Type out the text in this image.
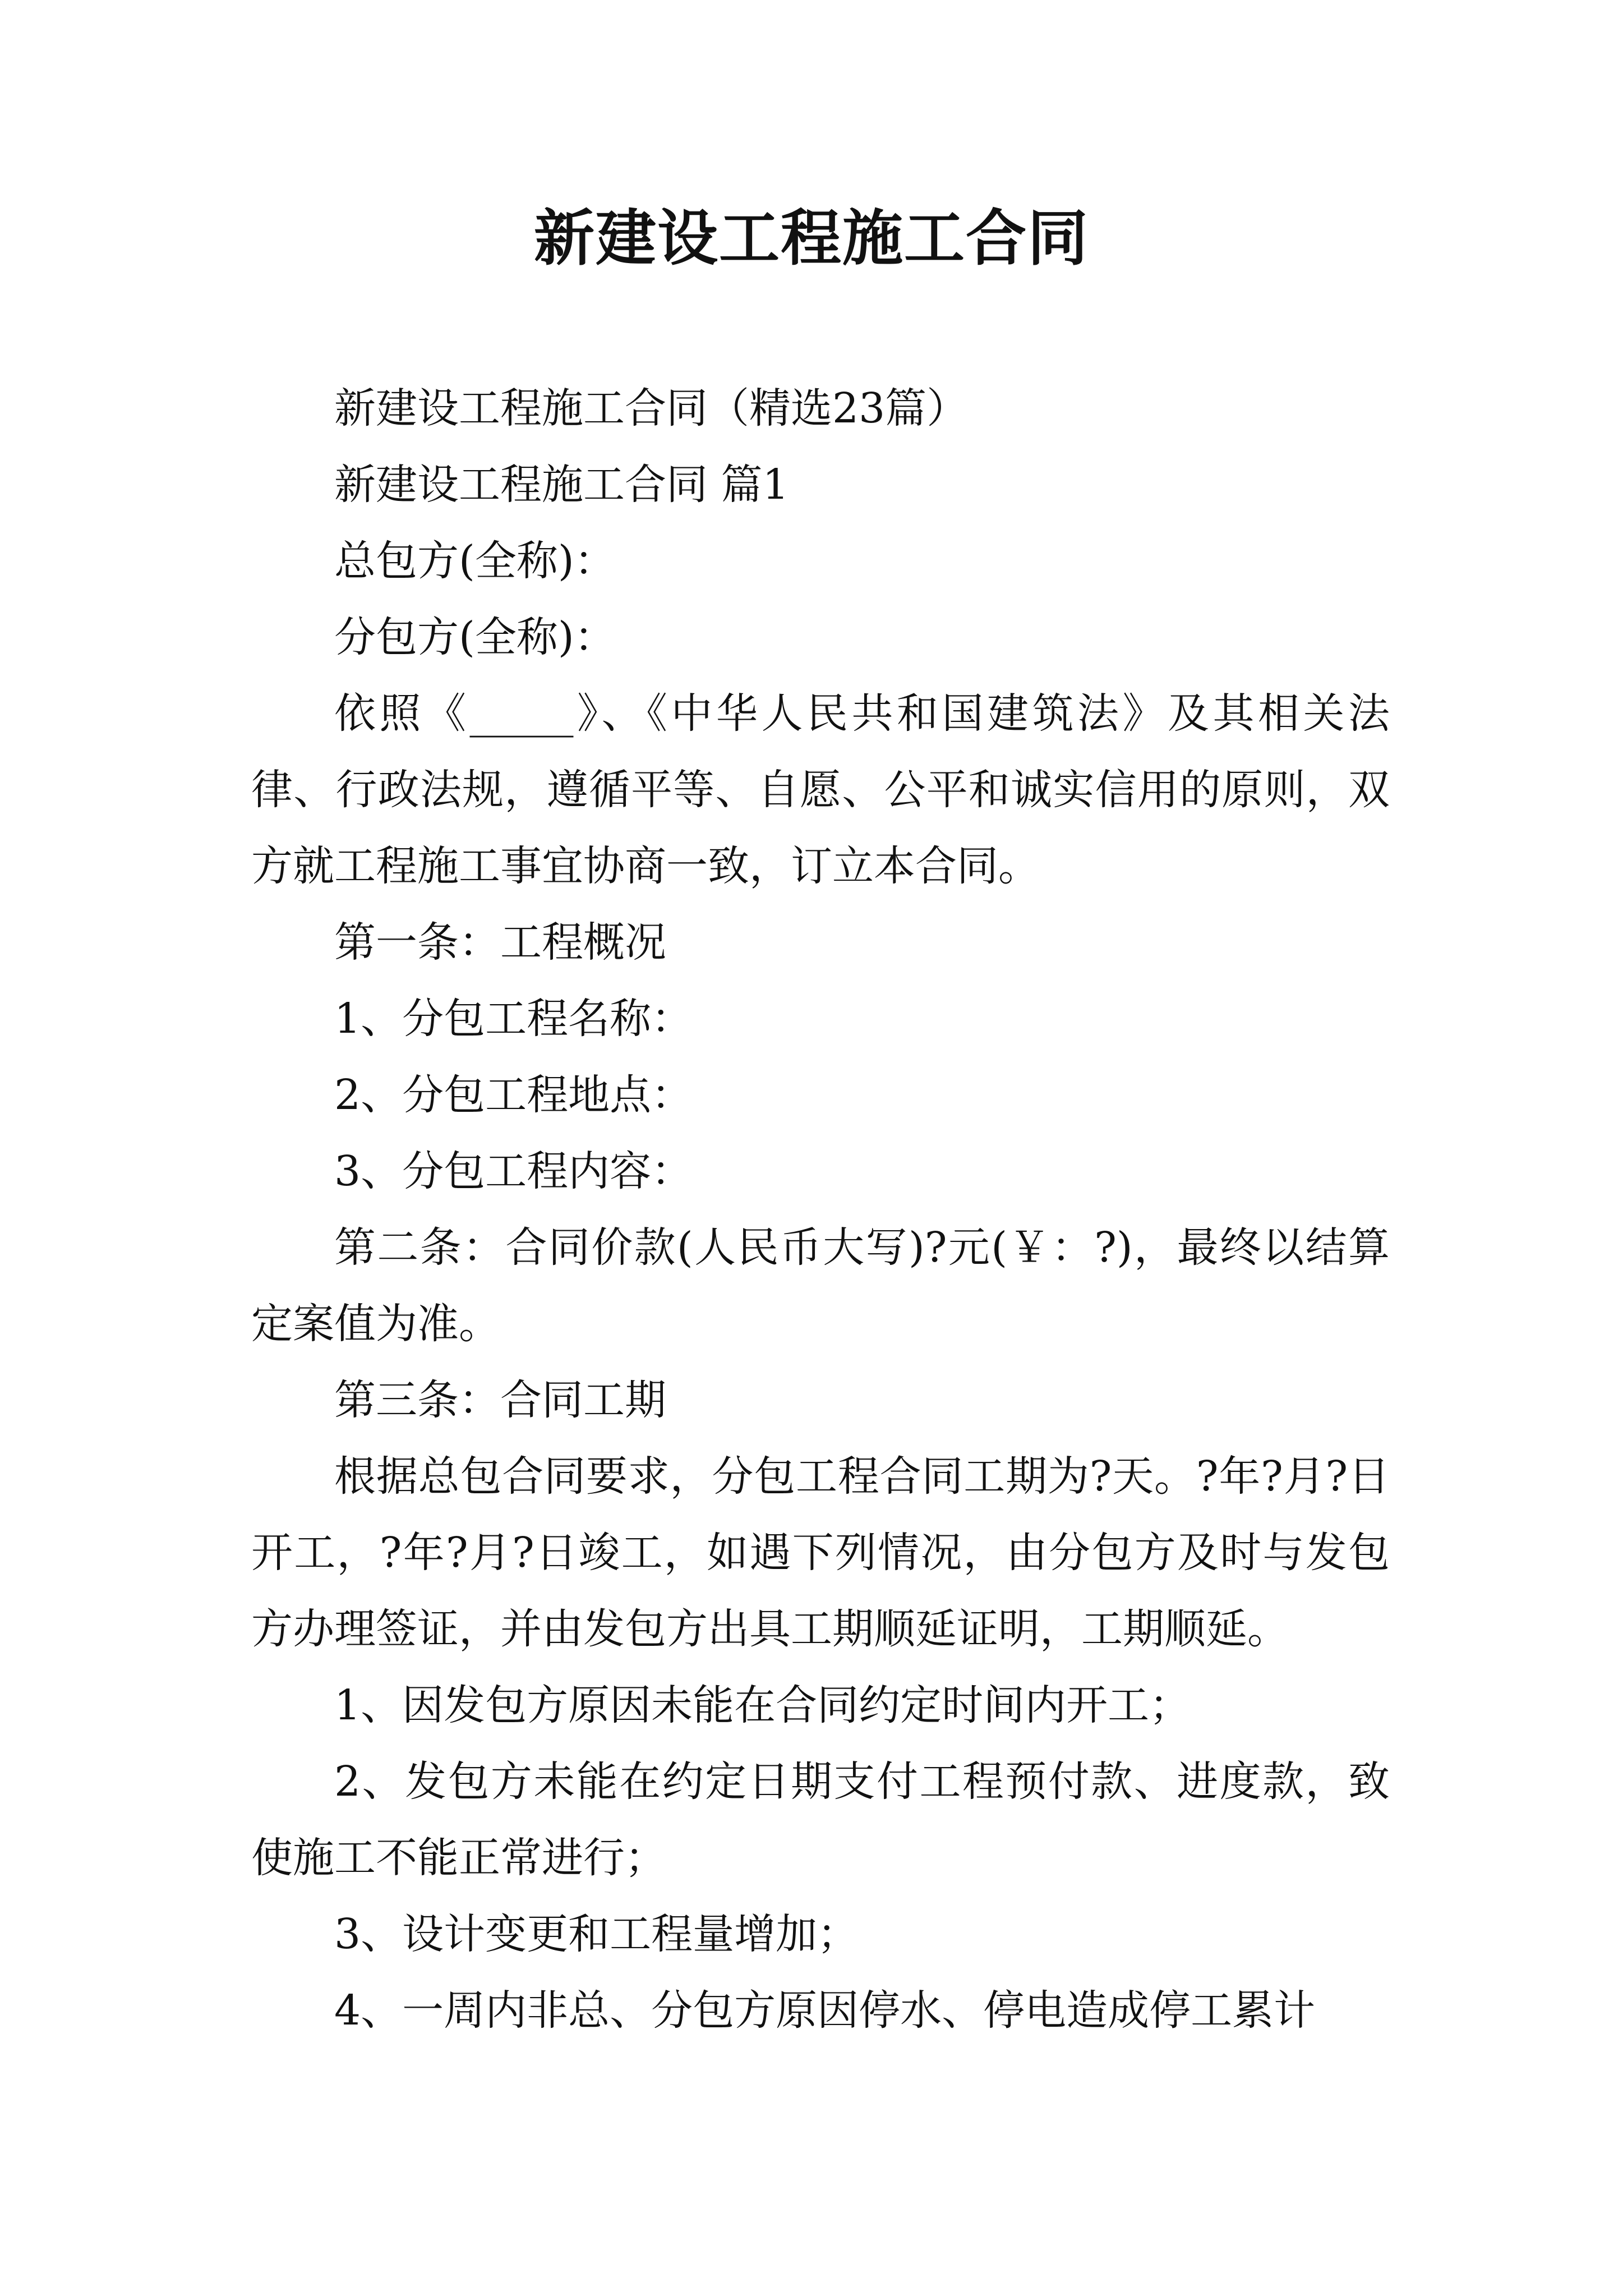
新建设工程施工合同

新建设工程施工合同（精选23篇）

新建设工程施工合同 篇1

总包方(全称)：

分包方(全称)：

依照《_____》、《中华人民共和国建筑法》及其相关法律、行政法规，遵循平等、自愿、公平和诚实信用的原则，双方就工程施工事宜协商一致，订立本合同。

第一条：工程概况

1、分包工程名称：

2、分包工程地点：

3、分包工程内容：

第二条：合同价款(人民币大写)?元(￥：?)，最终以结算定案值为准。

第三条：合同工期

根据总包合同要求，分包工程合同工期为?天。?年?月?日开工，?年?月?日竣工，如遇下列情况，由分包方及时与发包方办理签证，并由发包方出具工期顺延证明，工期顺延。

1、因发包方原因未能在合同约定时间内开工；

2、发包方未能在约定日期支付工程预付款、进度款，致使施工不能正常进行；

3、设计变更和工程量增加；

4、一周内非总、分包方原因停水、停电造成停工累计
